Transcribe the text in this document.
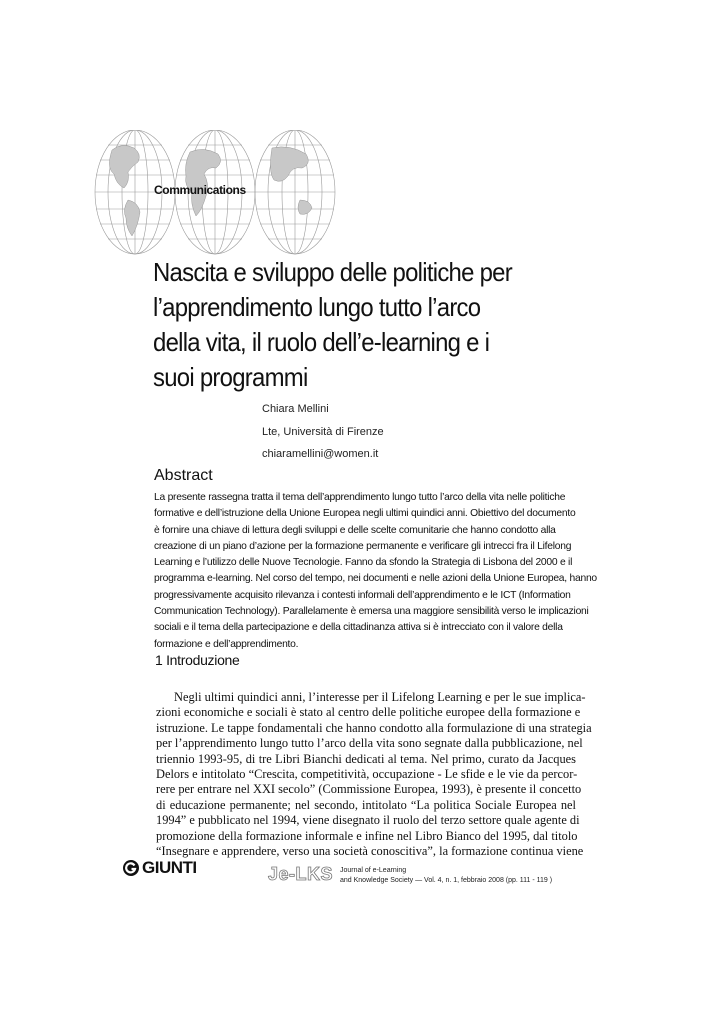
Communications
Nascita e sviluppo delle politiche per
l’apprendimento lungo tutto l’arco
della vita, il ruolo dell’e-learning e i
suoi programmi
Chiara Mellini
Lte, Università di Firenze
chiaramellini@women.it
Abstract
La presente rassegna tratta il tema dell’apprendimento lungo tutto l’arco della vita nelle politiche
formative e dell’istruzione della Unione Europea negli ultimi quindici anni. Obiettivo del documento
è fornire una chiave di lettura degli sviluppi e delle scelte comunitarie che hanno condotto alla
creazione di un piano d’azione per la formazione permanente e verificare gli intrecci fra il Lifelong
Learning e l’utilizzo delle Nuove Tecnologie. Fanno da sfondo la Strategia di Lisbona del 2000 e il
programma e-learning. Nel corso del tempo, nei documenti e nelle azioni della Unione Europea, hanno
progressivamente acquisito rilevanza i contesti informali dell’apprendimento e le ICT (Information
Communication Technology). Parallelamente è emersa una maggiore sensibilità verso le implicazioni
sociali e il tema della partecipazione e della cittadinanza attiva si è intrecciato con il valore della
formazione e dell’apprendimento.
1 Introduzione
Negli ultimi quindici anni, l’interesse per il Lifelong Learning e per le sue implica-
zioni economiche e sociali è stato al centro delle politiche europee della formazione e
istruzione. Le tappe fondamentali che hanno condotto alla formulazione di una strategia
per l’apprendimento lungo tutto l’arco della vita sono segnate dalla pubblicazione, nel
triennio 1993-95, di tre Libri Bianchi dedicati al tema. Nel primo, curato da Jacques
Delors e intitolato “Crescita, competitività, occupazione - Le sfide e le vie da percor-
rere per entrare nel XXI secolo” (Commissione Europea, 1993), è presente il concetto
di educazione permanente; nel secondo, intitolato “La politica Sociale Europea nel
1994” e pubblicato nel 1994, viene disegnato il ruolo del terzo settore quale agente di
promozione della formazione informale e infine nel Libro Bianco del 1995, dal titolo
“Insegnare e apprendere, verso una società conoscitiva”, la formazione continua viene
GIUNTI	Je-LKS Journal of e-Learning
and Knowledge Society — Vol. 4, n. 1, febbraio 2008 (pp. 111 - 119 )
